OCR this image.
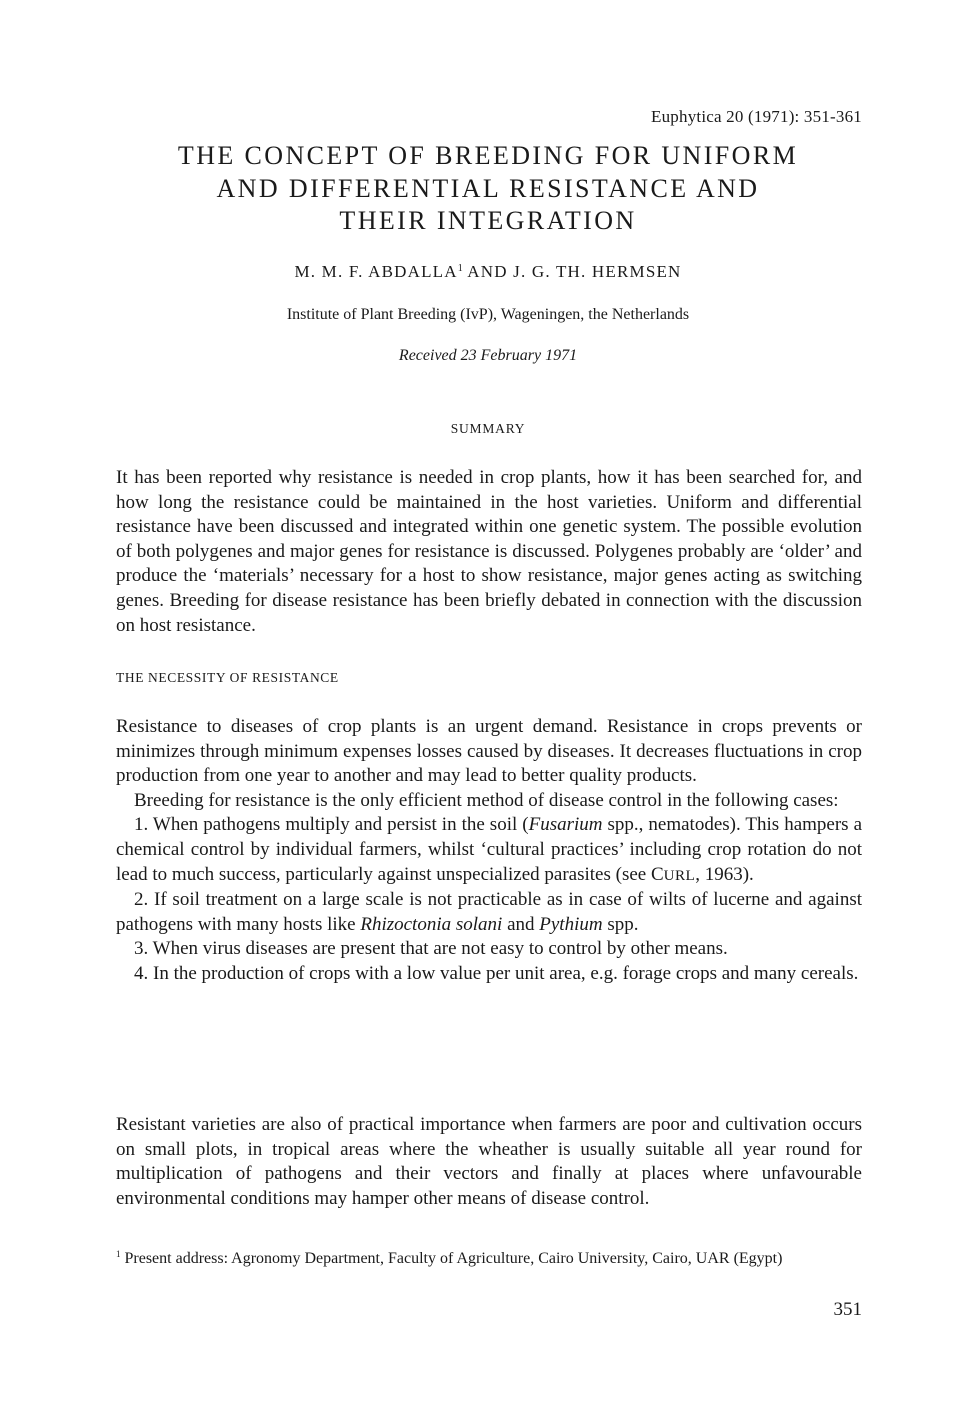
Euphytica 20 (1971): 351-361
THE CONCEPT OF BREEDING FOR UNIFORM
AND DIFFERENTIAL RESISTANCE AND
THEIR INTEGRATION
M. M. F. ABDALLA$^1$ AND J. G. TH. HERMSEN
Institute of Plant Breeding (IvP), Wageningen, the Netherlands
Received 23 February 1971
SUMMARY

It has been reported why resistance is needed in crop plants, how it has been searched for, and how long the resistance could be maintained in the host varieties. Uniform and differential resistance have been discussed and integrated within one genetic system. The possible evolution of both polygenes and major genes for resistance is discussed. Polygenes probably are ‘older’ and produce the ‘materials’ necessary for a host to show resistance, major genes acting as switching genes. Breeding for disease resistance has been briefly debated in connection with the discussion on host resistance.

THE NECESSITY OF RESISTANCE

Resistance to diseases of crop plants is an urgent demand. Resistance in crops prevents or minimizes through minimum expenses losses caused by diseases. It decreases fluctuations in crop production from one year to another and may lead to better quality products.

Breeding for resistance is the only efficient method of disease control in the following cases:

1. When pathogens multiply and persist in the soil (Fusarium spp., nematodes). This hampers a chemical control by individual farmers, whilst ‘cultural practices’ including crop rotation do not lead to much success, particularly against unspecialized parasites (see CURL, 1963).

2. If soil treatment on a large scale is not practicable as in case of wilts of lucerne and against pathogens with many hosts like Rhizoctonia solani and Pythium spp.

3. When virus diseases are present that are not easy to control by other means.

4. In the production of crops with a low value per unit area, e.g. forage crops and many cereals.

Resistant varieties are also of practical importance when farmers are poor and cultivation occurs on small plots, in tropical areas where the wheather is usually suitable all year round for multiplication of pathogens and their vectors and finally at places where unfavourable environmental conditions may hamper other means of disease control.

$^1$ Present address: Agronomy Department, Faculty of Agriculture, Cairo University, Cairo, UAR (Egypt)
351
